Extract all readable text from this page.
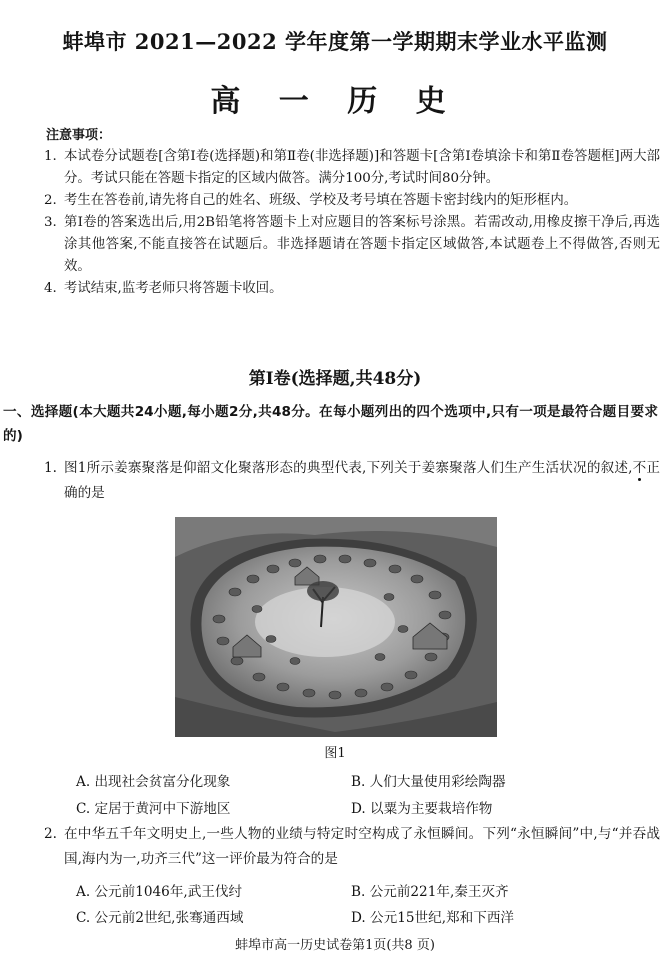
蚌埠市 2021—2022 学年度第一学期期末学业水平监测
高 一 历 史
注意事项：
1. 本试卷分试题卷[含第Ⅰ卷(选择题)和第Ⅱ卷(非选择题)]和答题卡[含第Ⅰ卷填涂卡和第Ⅱ卷答题框]两大部分。考试只能在答题卡指定的区域内做答。满分100分,考试时间80分钟。
2. 考生在答卷前,请先将自己的姓名、班级、学校及考号填在答题卡密封线内的矩形框内。
3. 第Ⅰ卷的答案选出后,用2B铅笔将答题卡上对应题目的答案标号涂黑。若需改动,用橡皮擦干净后,再选涂其他答案,不能直接答在试题后。非选择题请在答题卡指定区域做答,本试题卷上不得做答,否则无效。
4. 考试结束,监考老师只将答题卡收回。
第Ⅰ卷(选择题,共48分)
一、选择题(本大题共24小题,每小题2分,共48分。在每小题列出的四个选项中,只有一项是最符合题目要求的)
1. 图1所示姜寨聚落是仰韶文化聚落形态的典型代表,下列关于姜寨聚落人们生产生活状况的叙述,不正确的是
图1
A. 出现社会贫富分化现象	B. 人们大量使用彩绘陶器
C. 定居于黄河中下游地区	D. 以粟为主要栽培作物
2. 在中华五千年文明史上,一些人物的业绩与特定时空构成了永恒瞬间。下列“永恒瞬间”中,与“并吞战国,海内为一,功齐三代”这一评价最为符合的是
A. 公元前1046年,武王伐纣	B. 公元前221年,秦王灭齐
C. 公元前2世纪,张骞通西域	D. 公元15世纪,郑和下西洋
蚌埠市高一历史试卷第1页(共8 页)
